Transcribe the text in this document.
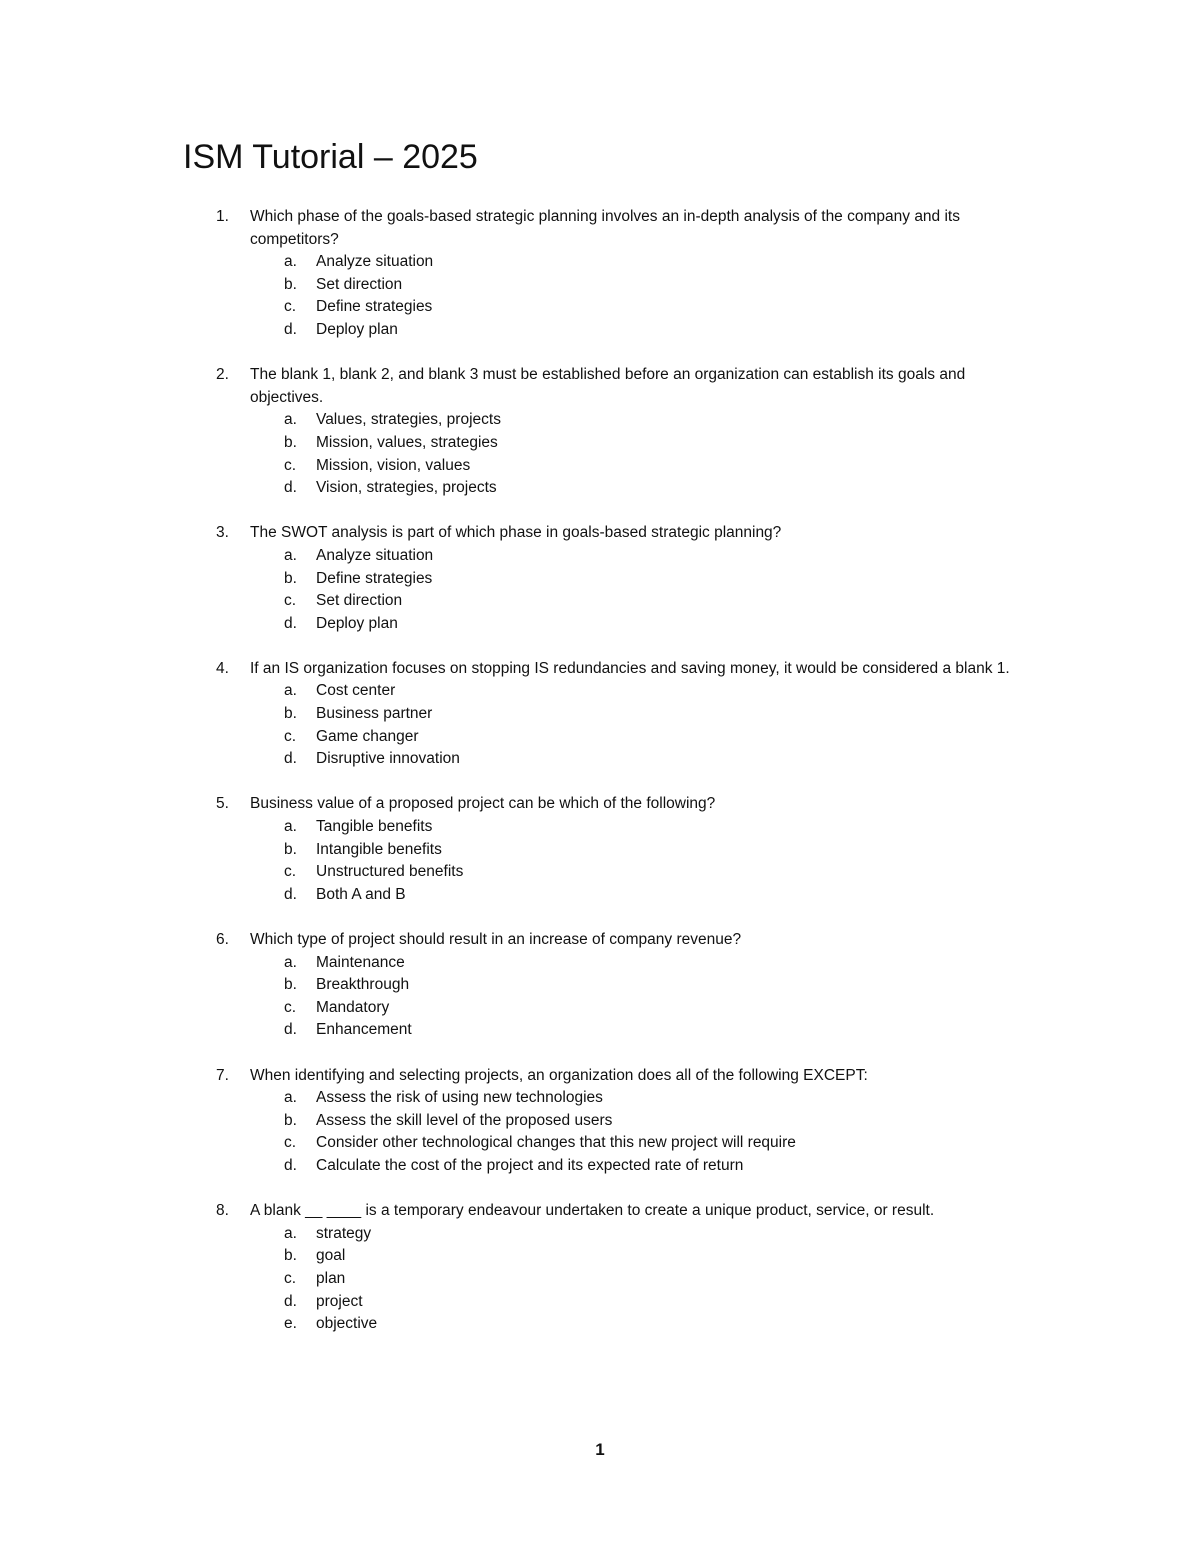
ISM Tutorial – 2025
1.	Which phase of the goals-based strategic planning involves an in-depth analysis of the company and its competitors?
a. Analyze situation
b. Set direction
c. Define strategies
d. Deploy plan
2.	The blank 1, blank 2, and blank 3 must be established before an organization can establish its goals and objectives.
a. Values, strategies, projects
b. Mission, values, strategies
c. Mission, vision, values
d. Vision, strategies, projects
3.	The SWOT analysis is part of which phase in goals-based strategic planning?
a. Analyze situation
b. Define strategies
c. Set direction
d. Deploy plan
4.	If an IS organization focuses on stopping IS redundancies and saving money, it would be considered a blank 1.
a. Cost center
b. Business partner
c. Game changer
d. Disruptive innovation
5.	Business value of a proposed project can be which of the following?
a. Tangible benefits
b. Intangible benefits
c. Unstructured benefits
d. Both A and B
6.	Which type of project should result in an increase of company revenue?
a. Maintenance
b. Breakthrough
c. Mandatory
d. Enhancement
7.	When identifying and selecting projects, an organization does all of the following EXCEPT:
a. Assess the risk of using new technologies
b. Assess the skill level of the proposed users
c. Consider other technological changes that this new project will require
d. Calculate the cost of the project and its expected rate of return
8.	A blank __ ____ is a temporary endeavour undertaken to create a unique product, service, or result.
a. strategy
b. goal
c. plan
d. project
e. objective
1
